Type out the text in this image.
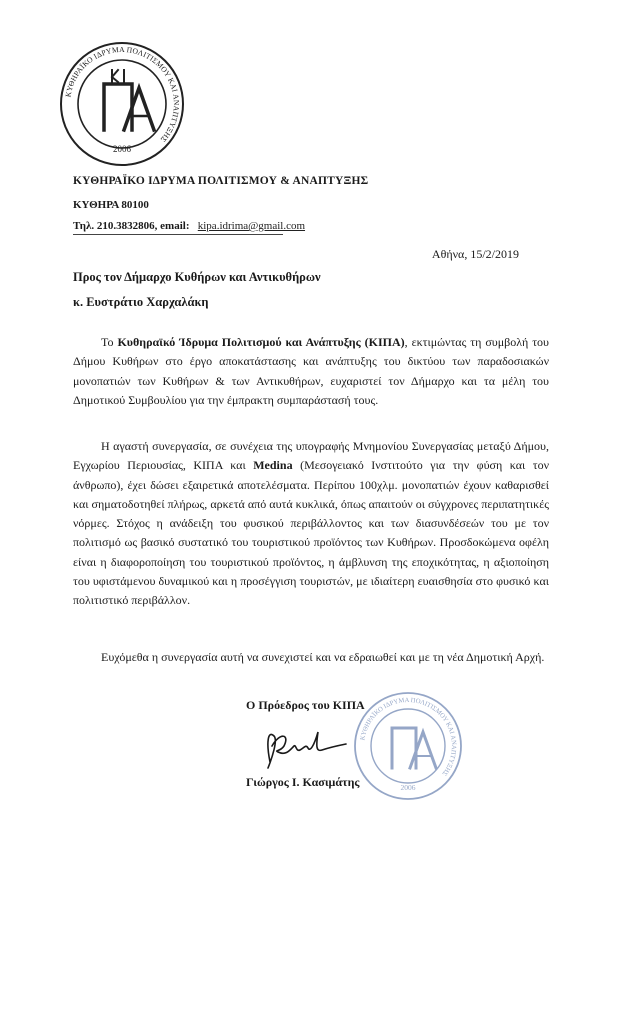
ΚΥΘΗΡΑΪΚΟ ΙΔΡΥΜΑ ΠΟΛΙΤΙΣΜΟΥ ΚΑΙ ΑΝΑΠΤΥΞΗΣ
2006
ΚΥΘΗΡΑΪΚΟ ΙΔΡΥΜΑ ΠΟΛΙΤΙΣΜΟΥ & ΑΝΑΠΤΥΞΗΣ
ΚΥΘΗΡΑ 80100
Τηλ. 210.3832806, email: kipa.idrima@gmail.com
Αθήνα, 15/2/2019
Προς τον Δήμαρχο Κυθήρων και Αντικυθήρων
κ. Ευστράτιο Χαρχαλάκη

Το Κυθηραϊκό Ίδρυμα Πολιτισμού και Ανάπτυξης (ΚΙΠΑ), εκτιμώντας τη συμβολή του Δήμου Κυθήρων στο έργο αποκατάστασης και ανάπτυξης του δικτύου των παραδοσιακών μονοπατιών των Κυθήρων & των Αντικυθήρων, ευχαριστεί τον Δήμαρχο και τα μέλη του Δημοτικού Συμβουλίου για την έμπρακτη συμπαράστασή τους.

Η αγαστή συνεργασία, σε συνέχεια της υπογραφής Μνημονίου Συνεργασίας μεταξύ Δήμου, Εγχωρίου Περιουσίας, ΚΙΠΑ και Medina (Μεσογειακό Ινστιτούτο για την φύση και τον άνθρωπο), έχει δώσει εξαιρετικά αποτελέσματα. Περίπου 100χλμ. μονοπατιών έχουν καθαρισθεί και σηματοδοτηθεί πλήρως, αρκετά από αυτά κυκλικά, όπως απαιτούν οι σύγχρονες περιπατητικές νόρμες. Στόχος η ανάδειξη του φυσικού περιβάλλοντος και των διασυνδέσεών του με τον πολιτισμό ως βασικό συστατικό του τουριστικού προϊόντος των Κυθήρων. Προσδοκώμενα οφέλη είναι η διαφοροποίηση του τουριστικού προϊόντος, η άμβλυνση της εποχικότητας, η αξιοποίηση του υφιστάμενου δυναμικού και η προσέγγιση τουριστών, με ιδιαίτερη ευαισθησία στο φυσικό και πολιτιστικό περιβάλλον.

Ευχόμεθα η συνεργασία αυτή να συνεχιστεί και να εδραιωθεί και με τη νέα Δημοτική Αρχή.

Ο Πρόεδρος του ΚΙΠΑ
Γιώργος Ι. Κασιμάτης
ΚΥΘΗΡΑΪΚΟ ΙΔΡΥΜΑ ΠΟΛΙΤΙΣΜΟΥ ΚΑΙ ΑΝΑΠΤΥΞΗΣ
2006
